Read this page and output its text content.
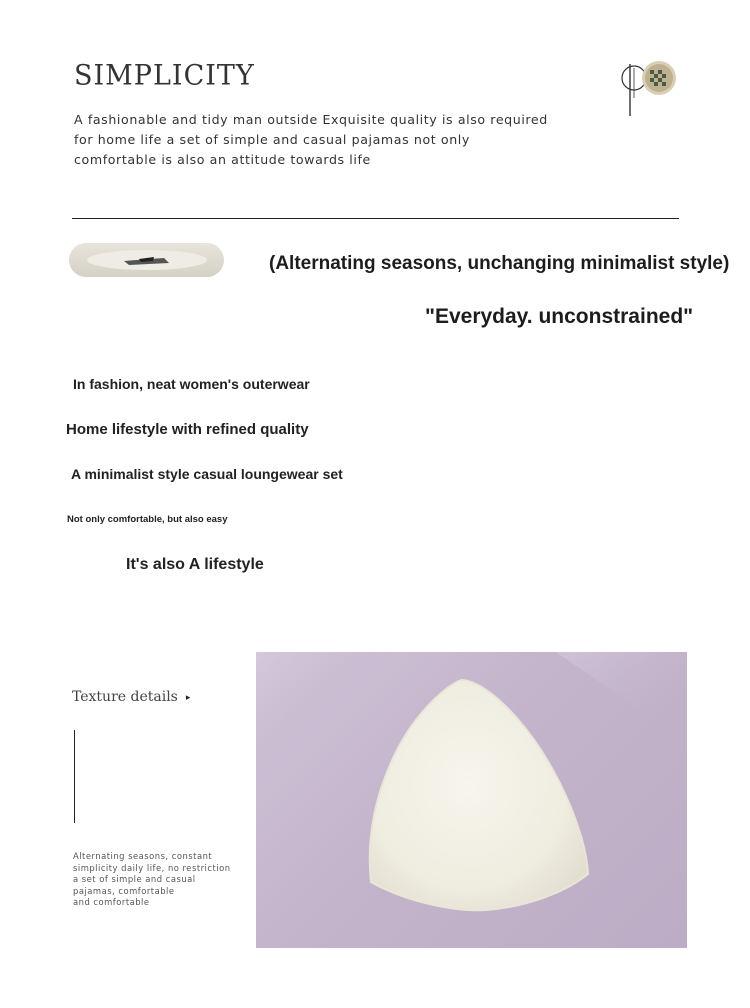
SIMPLICITY
A fashionable and tidy man outside Exquisite quality is also required
for home life a set of simple and casual pajamas not only
comfortable is also an attitude towards life
(Alternating seasons, unchanging minimalist style)
"Everyday. unconstrained"
In fashion, neat women's outerwear
Home lifestyle with refined quality
A minimalist style casual loungewear set
Not only comfortable, but also easy
It's also A lifestyle
Texture details ▸
Alternating seasons, constant
simplicity daily life, no restriction
a set of simple and casual
pajamas, comfortable
and comfortable
